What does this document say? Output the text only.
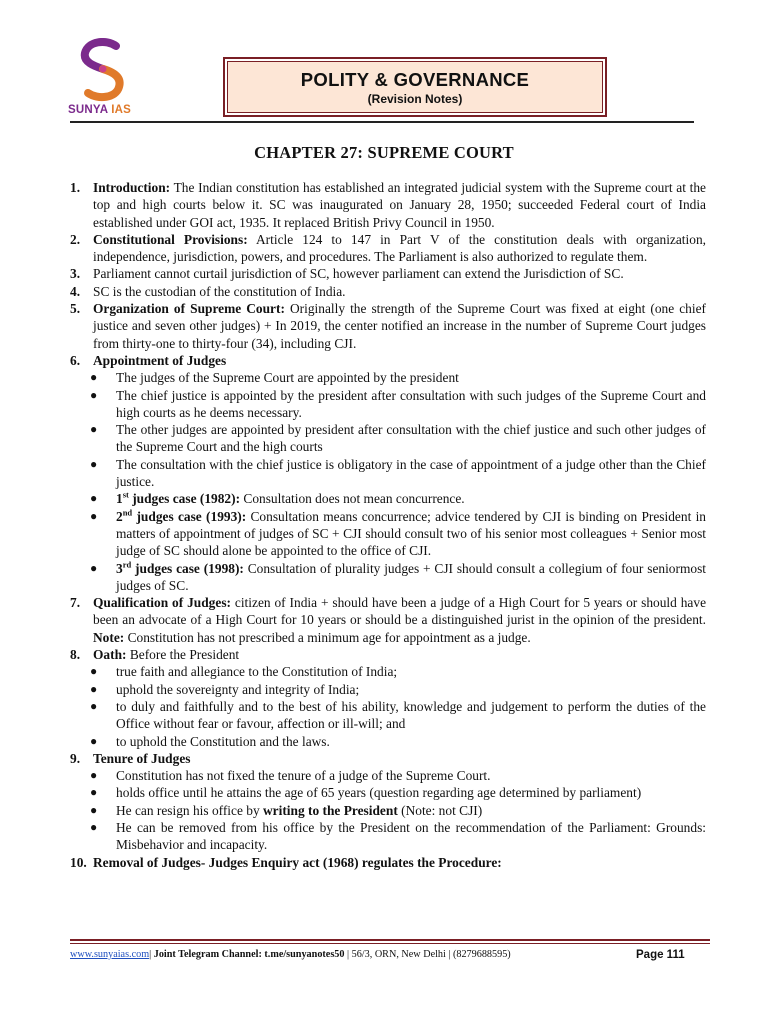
SUNYA IAS
POLITY & GOVERNANCE
(Revision Notes)
CHAPTER 27: SUPREME COURT
1. Introduction: The Indian constitution has established an integrated judicial system with the Supreme court at the top and high courts below it. SC was inaugurated on January 28, 1950; succeeded Federal court of India established under GOI act, 1935. It replaced British Privy Council in 1950.
2. Constitutional Provisions: Article 124 to 147 in Part V of the constitution deals with organization, independence, jurisdiction, powers, and procedures. The Parliament is also authorized to regulate them.
3. Parliament cannot curtail jurisdiction of SC, however parliament can extend the Jurisdiction of SC.
4. SC is the custodian of the constitution of India.
5. Organization of Supreme Court: Originally the strength of the Supreme Court was fixed at eight (one chief justice and seven other judges) + In 2019, the center notified an increase in the number of Supreme Court judges from thirty-one to thirty-four (34), including CJI.
6. Appointment of Judges
● The judges of the Supreme Court are appointed by the president
● The chief justice is appointed by the president after consultation with such judges of the Supreme Court and high courts as he deems necessary.
● The other judges are appointed by president after consultation with the chief justice and such other judges of the Supreme Court and the high courts
● The consultation with the chief justice is obligatory in the case of appointment of a judge other than the Chief justice.
● 1st judges case (1982): Consultation does not mean concurrence.
● 2nd judges case (1993): Consultation means concurrence; advice tendered by CJI is binding on President in matters of appointment of judges of SC + CJI should consult two of his senior most colleagues + Senior most judge of SC should alone be appointed to the office of CJI.
● 3rd judges case (1998): Consultation of plurality judges + CJI should consult a collegium of four seniormost judges of SC.
7. Qualification of Judges: citizen of India + should have been a judge of a High Court for 5 years or should have been an advocate of a High Court for 10 years or should be a distinguished jurist in the opinion of the president. Note: Constitution has not prescribed a minimum age for appointment as a judge.
8. Oath: Before the President
● true faith and allegiance to the Constitution of India;
● uphold the sovereignty and integrity of India;
● to duly and faithfully and to the best of his ability, knowledge and judgement to perform the duties of the Office without fear or favour, affection or ill-will; and
● to uphold the Constitution and the laws.
9. Tenure of Judges
● Constitution has not fixed the tenure of a judge of the Supreme Court.
● holds office until he attains the age of 65 years (question regarding age determined by parliament)
● He can resign his office by writing to the President (Note: not CJI)
● He can be removed from his office by the President on the recommendation of the Parliament: Grounds: Misbehavior and incapacity.
10. Removal of Judges- Judges Enquiry act (1968) regulates the Procedure:
www.sunyaias.com| Joint Telegram Channel: t.me/sunyanotes50 | 56/3, ORN, New Delhi | (8279688595)	Page 111
